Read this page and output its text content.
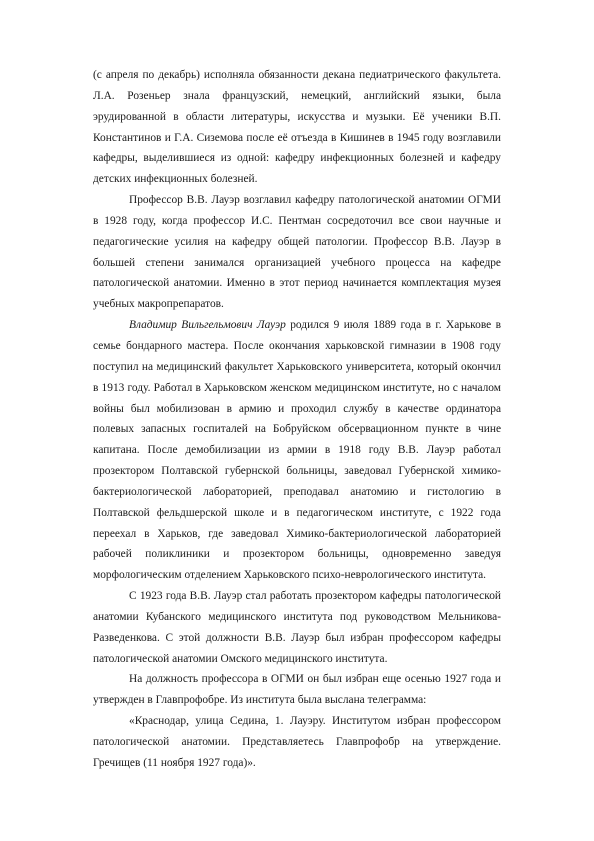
(с апреля по декабрь) исполняла обязанности декана педиатрического факультета. Л.А. Розеньер знала французский, немецкий, английский языки, была эрудированной в области литературы, искусства и музыки. Её ученики В.П. Константинов и Г.А. Сиземова после её отъезда в Кишинев в 1945 году возглавили кафедры, выделившиеся из одной: кафедру инфекционных болезней и кафедру детских инфекционных болезней.

Профессор В.В. Лауэр возглавил кафедру патологической анатомии ОГМИ в 1928 году, когда профессор И.С. Пентман сосредоточил все свои научные и педагогические усилия на кафедру общей патологии. Профессор В.В. Лауэр в большей степени занимался организацией учебного процесса на кафедре патологической анатомии. Именно в этот период начинается комплектация музея учебных макропрепаратов.

Владимир Вильгельмович Лауэр родился 9 июля 1889 года в г. Харькове в семье бондарного мастера. После окончания харьковской гимназии в 1908 году поступил на медицинский факультет Харьковского университета, который окончил в 1913 году. Работал в Харьковском женском медицинском институте, но с началом войны был мобилизован в армию и проходил службу в качестве ординатора полевых запасных госпиталей на Бобруйском обсервационном пункте в чине капитана. После демобилизации из армии в 1918 году В.В. Лауэр работал прозектором Полтавской губернской больницы, заведовал Губернской химико-бактериологической лабораторией, преподавал анатомию и гистологию в Полтавской фельдшерской школе и в педагогическом институте, с 1922 года переехал в Харьков, где заведовал Химико-бактериологической лабораторией рабочей поликлиники и прозектором больницы, одновременно заведуя морфологическим отделением Харьковского психо-неврологического института.

С 1923 года В.В. Лауэр стал работать прозектором кафедры патологической анатомии Кубанского медицинского института под руководством Мельникова-Разведенкова. С этой должности В.В. Лауэр был избран профессором кафедры патологической анатомии Омского медицинского института.

На должность профессора в ОГМИ он был избран еще осенью 1927 года и утвержден в Главпрофобре. Из института была выслана телеграмма:

«Краснодар, улица Седина, 1. Лауэру. Институтом избран профессором патологической анатомии. Представляетесь Главпрофобр на утверждение. Гречищев (11 ноября 1927 года)».
